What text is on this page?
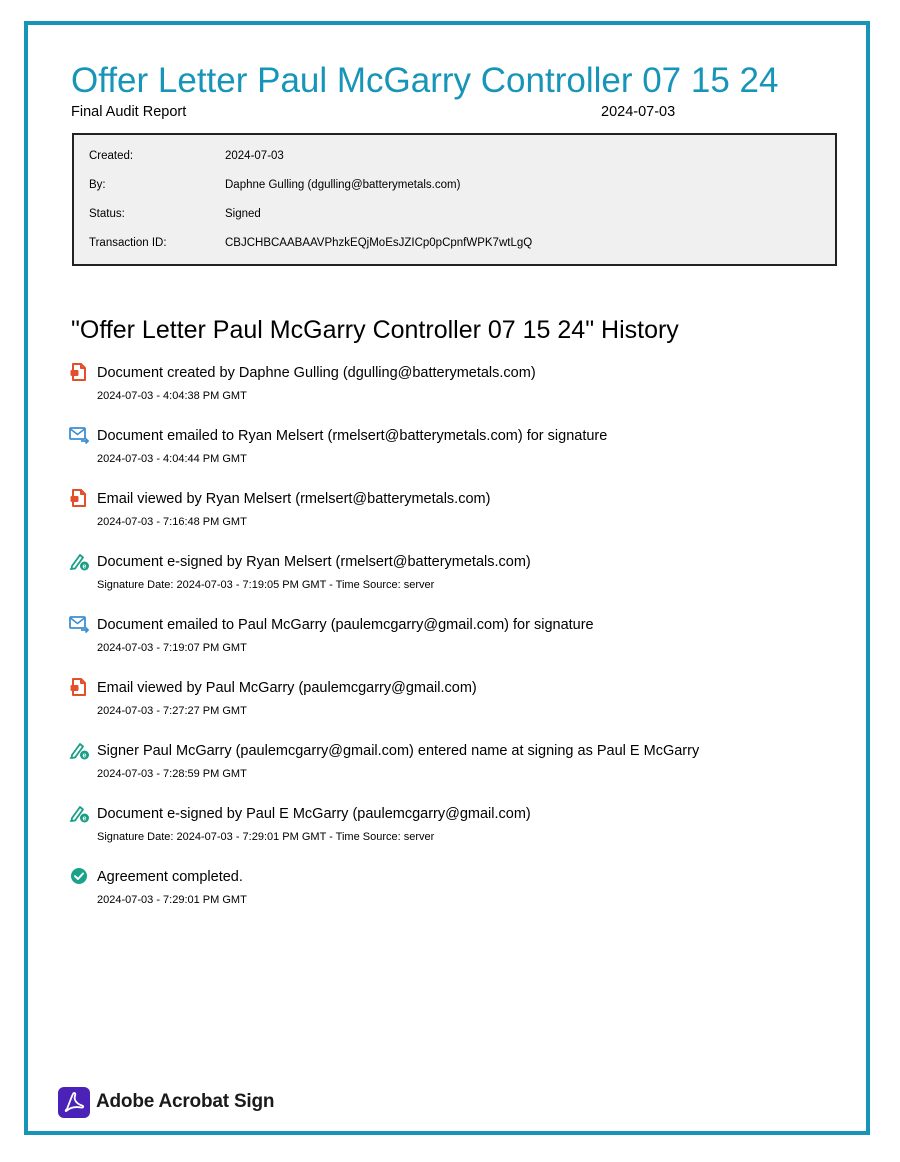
Offer Letter Paul McGarry Controller 07 15 24
Final Audit Report	2024-07-03
Created:	2024-07-03
By:	Daphne Gulling (dgulling@batterymetals.com)
Status:	Signed
Transaction ID:	CBJCHBCAABAAVPhzkEQjMoEsJZICp0pCpnfWPK7wtLgQ
"Offer Letter Paul McGarry Controller 07 15 24" History
Document created by Daphne Gulling (dgulling@batterymetals.com)
2024-07-03 - 4:04:38 PM GMT
Document emailed to Ryan Melsert (rmelsert@batterymetals.com) for signature
2024-07-03 - 4:04:44 PM GMT
Email viewed by Ryan Melsert (rmelsert@batterymetals.com)
2024-07-03 - 7:16:48 PM GMT
e Document e-signed by Ryan Melsert (rmelsert@batterymetals.com)
Signature Date: 2024-07-03 - 7:19:05 PM GMT - Time Source: server
Document emailed to Paul McGarry (paulemcgarry@gmail.com) for signature
2024-07-03 - 7:19:07 PM GMT
Email viewed by Paul McGarry (paulemcgarry@gmail.com)
2024-07-03 - 7:27:27 PM GMT
e Signer Paul McGarry (paulemcgarry@gmail.com) entered name at signing as Paul E McGarry
2024-07-03 - 7:28:59 PM GMT
e Document e-signed by Paul E McGarry (paulemcgarry@gmail.com)
Signature Date: 2024-07-03 - 7:29:01 PM GMT - Time Source: server
Agreement completed.
2024-07-03 - 7:29:01 PM GMT
Adobe Acrobat Sign
